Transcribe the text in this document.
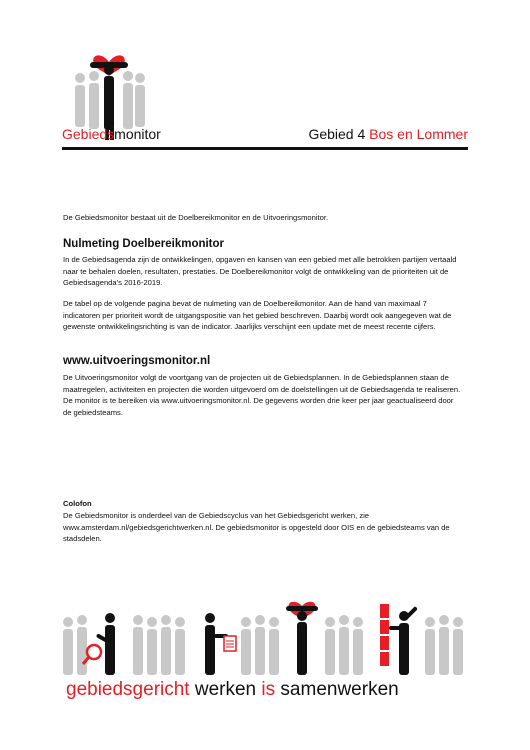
Gebiedsmonitor	Gebied 4 Bos en Lommer
De Gebiedsmonitor bestaat uit de Doelbereikmonitor en de Uitvoeringsmonitor.
Nulmeting Doelbereikmonitor
In de Gebiedsagenda zijn de ontwikkelingen, opgaven en kansen van een gebied met alle betrokken partijen vertaald naar te behalen doelen, resultaten, prestaties. De Doelbereikmonitor volgt de ontwikkeling van de prioriteiten uit de Gebiedsagenda's 2016-2019.
De tabel op de volgende pagina bevat de nulmeting van de Doelbereikmonitor. Aan de hand van maximaal 7 indicatoren per prioriteit wordt de uitgangspositie van het gebied beschreven. Daarbij wordt ook aangegeven wat de gewenste ontwikkelingsrichting is van de indicator. Jaarlijks verschijnt een update met de meest recente cijfers.
www.uitvoeringsmonitor.nl
De Uitvoeringsmonitor volgt de voortgang van de projecten uit de Gebiedsplannen. In de Gebiedsplannen staan de maatregelen, activiteiten en projecten die worden uitgevoerd om de doelstellingen uit de Gebiedsagenda te realiseren. De monitor is te bereiken via www.uitvoeringsmonitor.nl. De gegevens worden drie keer per jaar geactualiseerd door de gebiedsteams.
Colofon
De Gebiedsmonitor is onderdeel van de Gebiedscyclus van het Gebiedsgericht werken, zie www.amsterdam.nl/gebiedsgerichtwerken.nl. De gebiedsmonitor is opgesteld door OIS en de gebiedsteams van de stadsdelen.
gebiedsgericht werken is samenwerken
